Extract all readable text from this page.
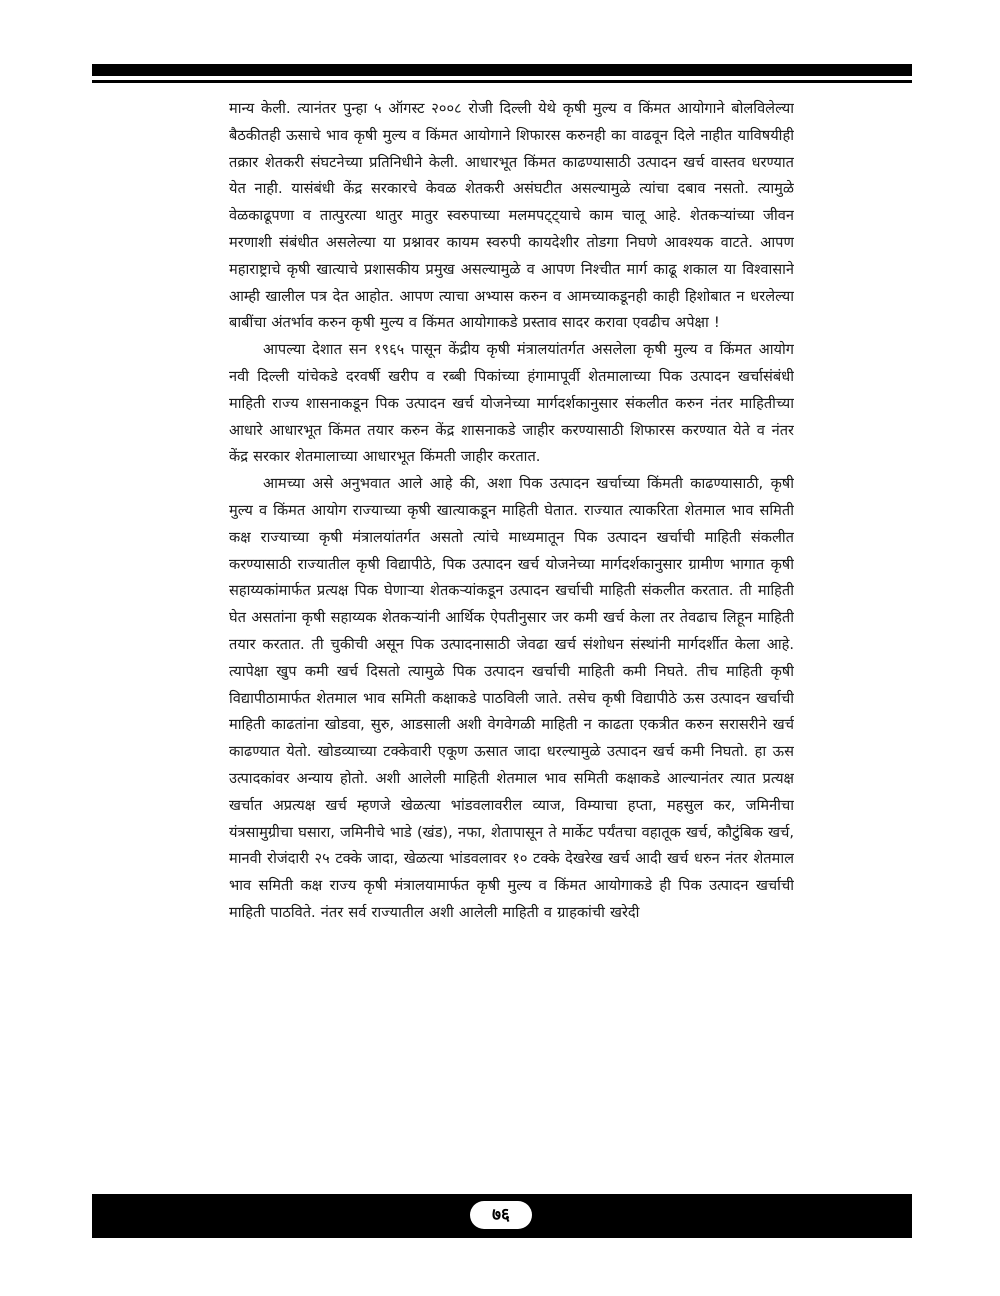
मान्य केली. त्यानंतर पुन्हा ५ ऑगस्ट २००८ रोजी दिल्ली येथे कृषी मुल्य व किंमत आयोगाने बोलविलेल्या बैठकीतही ऊसाचे भाव कृषी मुल्य व किंमत आयोगाने शिफारस करुनही का वाढवून दिले नाहीत याविषयीही तक्रार शेतकरी संघटनेच्या प्रतिनिधीने केली. आधारभूत किंमत काढण्यासाठी उत्पादन खर्च वास्तव धरण्यात येत नाही. यासंबंधी केंद्र सरकारचे केवळ शेतकरी असंघटीत असल्यामुळे त्यांचा दबाव नसतो. त्यामुळे वेळकाढूपणा व तात्पुरत्या थातुर मातुर स्वरुपाच्या मलमपट्ट्याचे काम चालू आहे. शेतकऱ्यांच्या जीवन मरणाशी संबंधीत असलेल्या या प्रश्नावर कायम स्वरुपी कायदेशीर तोडगा निघणे आवश्यक वाटते. आपण महाराष्ट्राचे कृषी खात्याचे प्रशासकीय प्रमुख असल्यामुळे व आपण निश्चीत मार्ग काढू शकाल या विश्वासाने आम्ही खालील पत्र देत आहोत. आपण त्याचा अभ्यास करुन व आमच्याकडूनही काही हिशोबात न धरलेल्या बाबींचा अंतर्भाव करुन कृषी मुल्य व किंमत आयोगाकडे प्रस्ताव सादर करावा एवढीच अपेक्षा !

आपल्या देशात सन १९६५ पासून केंद्रीय कृषी मंत्रालयांतर्गत असलेला कृषी मुल्य व किंमत आयोग नवी दिल्ली यांचेकडे दरवर्षी खरीप व रब्बी पिकांच्या हंगामापूर्वी शेतमालाच्या पिक उत्पादन खर्चासंबंधी माहिती राज्य शासनाकडून पिक उत्पादन खर्च योजनेच्या मार्गदर्शकानुसार संकलीत करुन नंतर माहितीच्या आधारे आधारभूत किंमत तयार करुन केंद्र शासनाकडे जाहीर करण्यासाठी शिफारस करण्यात येते व नंतर केंद्र सरकार शेतमालाच्या आधारभूत किंमती जाहीर करतात.

आमच्या असे अनुभवात आले आहे की, अशा पिक उत्पादन खर्चाच्या किंमती काढण्यासाठी, कृषी मुल्य व किंमत आयोग राज्याच्या कृषी खात्याकडून माहिती घेतात. राज्यात त्याकरिता शेतमाल भाव समिती कक्ष राज्याच्या कृषी मंत्रालयांतर्गत असतो त्यांचे माध्यमातून पिक उत्पादन खर्चाची माहिती संकलीत करण्यासाठी राज्यातील कृषी विद्यापीठे, पिक उत्पादन खर्च योजनेच्या मार्गदर्शकानुसार ग्रामीण भागात कृषी सहाय्यकांमार्फत प्रत्यक्ष पिक घेणाऱ्या शेतकऱ्यांकडून उत्पादन खर्चाची माहिती संकलीत करतात. ती माहिती घेत असतांना कृषी सहाय्यक शेतकऱ्यांनी आर्थिक ऐपतीनुसार जर कमी खर्च केला तर तेवढाच लिहून माहिती तयार करतात. ती चुकीची असून पिक उत्पादनासाठी जेवढा खर्च संशोधन संस्थांनी मार्गदर्शीत केला आहे. त्यापेक्षा खुप कमी खर्च दिसतो त्यामुळे पिक उत्पादन खर्चाची माहिती कमी निघते. तीच माहिती कृषी विद्यापीठामार्फत शेतमाल भाव समिती कक्षाकडे पाठविली जाते. तसेच कृषी विद्यापीठे ऊस उत्पादन खर्चाची माहिती काढतांना खोडवा, सुरु, आडसाली अशी वेगवेगळी माहिती न काढता एकत्रीत करुन सरासरीने खर्च काढण्यात येतो. खोडव्याच्या टक्केवारी एकूण ऊसात जादा धरल्यामुळे उत्पादन खर्च कमी निघतो. हा ऊस उत्पादकांवर अन्याय होतो. अशी आलेली माहिती शेतमाल भाव समिती कक्षाकडे आल्यानंतर त्यात प्रत्यक्ष खर्चात अप्रत्यक्ष खर्च म्हणजे खेळत्या भांडवलावरील व्याज, विम्याचा हप्ता, महसुल कर, जमिनीचा यंत्रसामुग्रीचा घसारा, जमिनीचे भाडे (खंड), नफा, शेतापासून ते मार्केट पर्यंतचा वहातूक खर्च, कौटुंबिक खर्च, मानवी रोजंदारी २५ टक्के जादा, खेळत्या भांडवलावर १० टक्के देखरेख खर्च आदी खर्च धरुन नंतर शेतमाल भाव समिती कक्ष राज्य कृषी मंत्रालयामार्फत कृषी मुल्य व किंमत आयोगाकडे ही पिक उत्पादन खर्चाची माहिती पाठविते. नंतर सर्व राज्यातील अशी आलेली माहिती व ग्राहकांची खरेदी

७६
